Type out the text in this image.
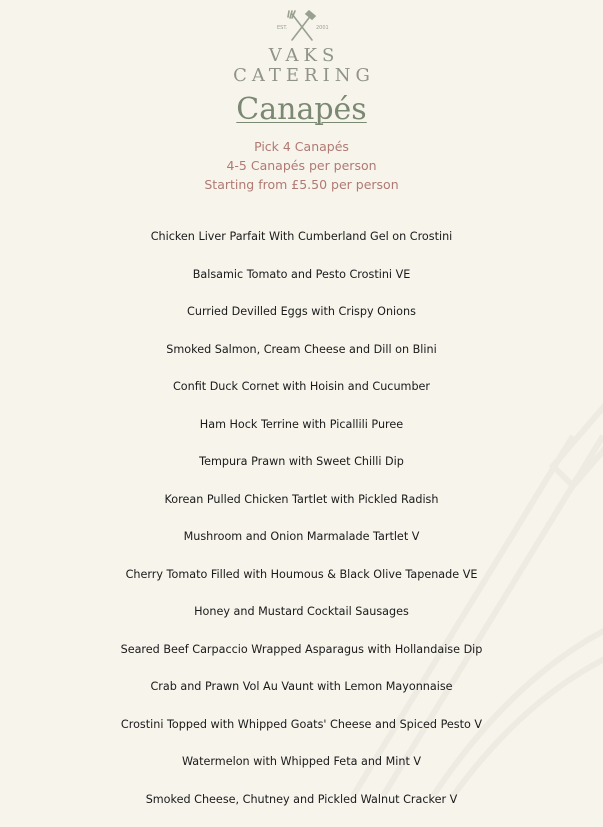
EST.	2001
VAKS
CATERING
Canapés
Pick 4 Canapés
4-5 Canapés per person
Starting from £5.50 per person
Chicken Liver Parfait With Cumberland Gel on Crostini
Balsamic Tomato and Pesto Crostini VE
Curried Devilled Eggs with Crispy Onions
Smoked Salmon, Cream Cheese and Dill on Blini
Confit Duck Cornet with Hoisin and Cucumber
Ham Hock Terrine with Picallili Puree
Tempura Prawn with Sweet Chilli Dip
Korean Pulled Chicken Tartlet with Pickled Radish
Mushroom and Onion Marmalade Tartlet V
Cherry Tomato Filled with Houmous & Black Olive Tapenade VE
Honey and Mustard Cocktail Sausages
Seared Beef Carpaccio Wrapped Asparagus with Hollandaise Dip
Crab and Prawn Vol Au Vaunt with Lemon Mayonnaise
Crostini Topped with Whipped Goats' Cheese and Spiced Pesto V
Watermelon with Whipped Feta and Mint V
Smoked Cheese, Chutney and Pickled Walnut Cracker V
